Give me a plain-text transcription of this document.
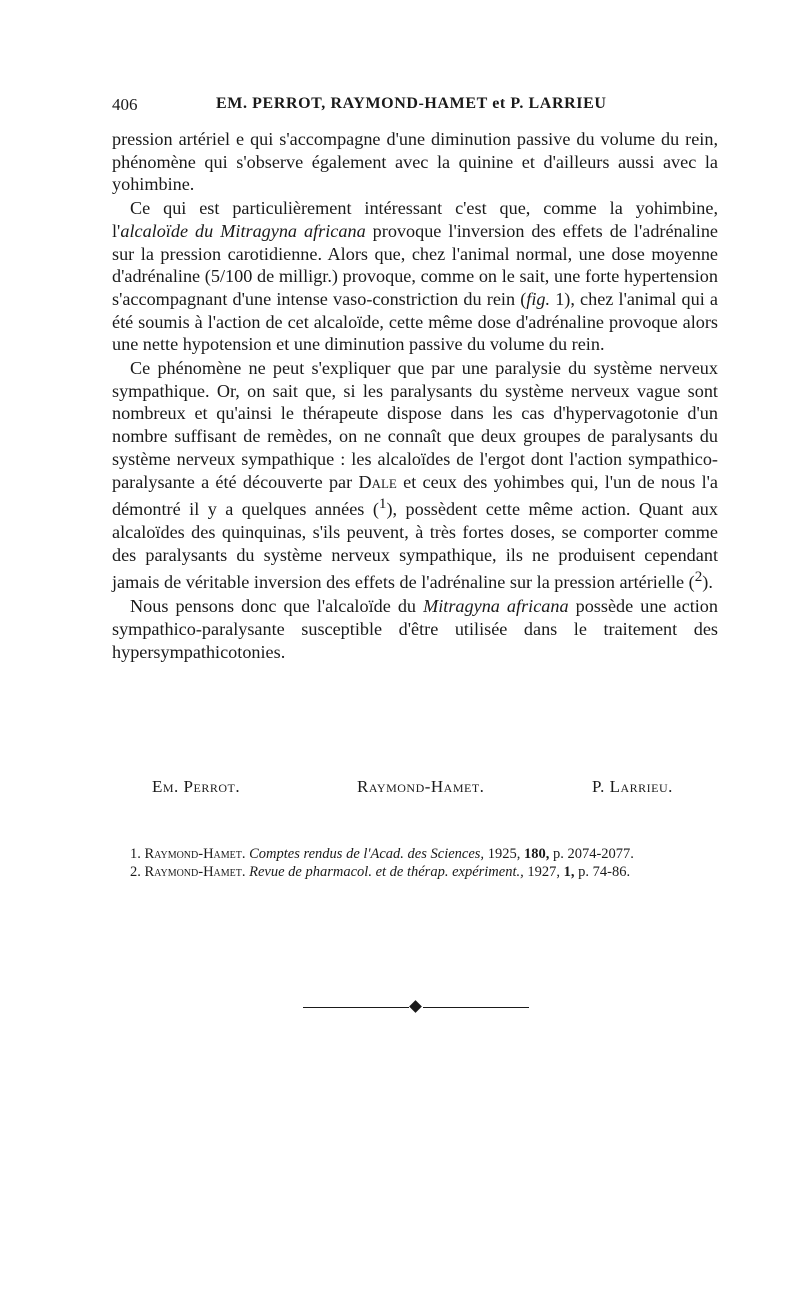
406	EM. PERROT, RAYMOND-HAMET et P. LARRIEU

pression artériel e qui s'accompagne d'une diminution passive du volume du rein, phénomène qui s'observe également avec la quinine et d'ailleurs aussi avec la yohimbine.

Ce qui est particulièrement intéressant c'est que, comme la yohimbine, l'alcaloïde du Mitragyna africana provoque l'inversion des effets de l'adrénaline sur la pression carotidienne. Alors que, chez l'animal normal, une dose moyenne d'adrénaline (5/100 de milligr.) provoque, comme on le sait, une forte hypertension s'accompagnant d'une intense vaso-constriction du rein (fig. 1), chez l'animal qui a été soumis à l'action de cet alcaloïde, cette même dose d'adrénaline provoque alors une nette hypotension et une diminution passive du volume du rein.

Ce phénomène ne peut s'expliquer que par une paralysie du système nerveux sympathique. Or, on sait que, si les paralysants du système nerveux vague sont nombreux et qu'ainsi le thérapeute dispose dans les cas d'hypervagotonie d'un nombre suffisant de remèdes, on ne connaît que deux groupes de paralysants du système nerveux sympathique : les alcaloïdes de l'ergot dont l'action sympathico-paralysante a été découverte par Dale et ceux des yohimbes qui, l'un de nous l'a démontré il y a quelques années ($^1$), possèdent cette même action. Quant aux alcaloïdes des quinquinas, s'ils peuvent, à très fortes doses, se comporter comme des paralysants du système nerveux sympathique, ils ne produisent cependant jamais de véritable inversion des effets de l'adrénaline sur la pression artérielle ($^2$).

Nous pensons donc que l'alcaloïde du Mitragyna africana possède une action sympathico-paralysante susceptible d'être utilisée dans le traitement des hypersympathicotonies.

Em. Perrot.	Raymond-Hamet.	P. Larrieu.

1. Raymond-Hamet. Comptes rendus de l'Acad. des Sciences, 1925, 180, p. 2074-2077.

2. Raymond-Hamet. Revue de pharmacol. et de thérap. expériment., 1927, 1, p. 74-86.
